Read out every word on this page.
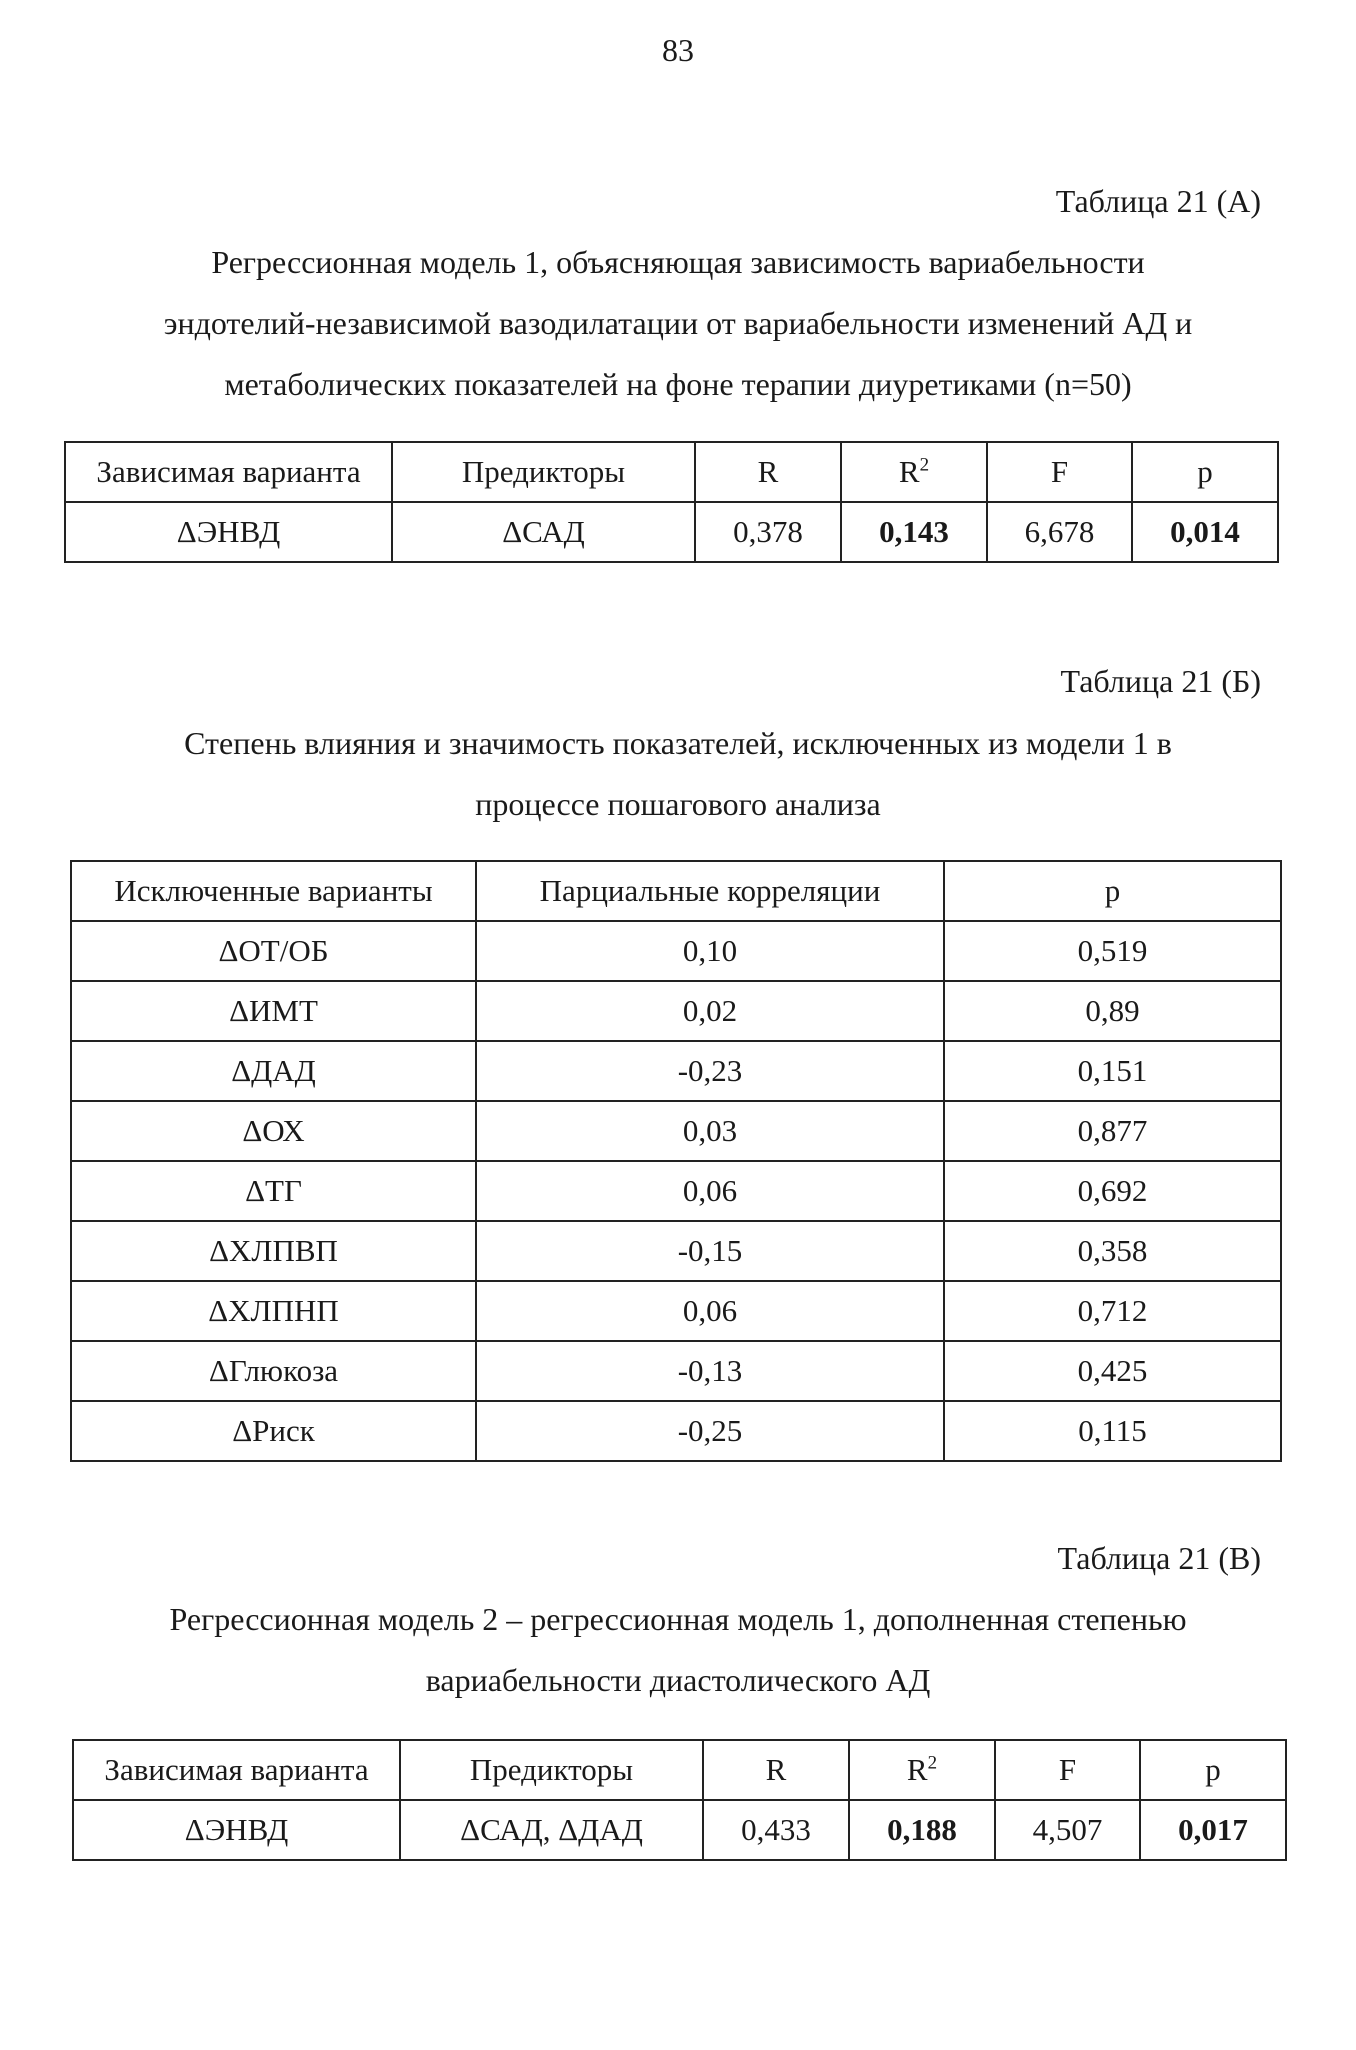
83
Таблица 21 (А)
Регрессионная модель 1, объясняющая зависимость вариабельности
эндотелий-независимой вазодилатации от вариабельности изменений АД и
метаболических показателей на фоне терапии диуретиками (n=50)
Зависимая варианта	Предикторы	R	$R^2$	F	p
ΔЭНВД	ΔСАД	0,378	0,143	6,678	0,014
Таблица 21 (Б)
Степень влияния и значимость показателей, исключенных из модели 1 в
процессе пошагового анализа
Исключенные варианты	Парциальные корреляции	p
ΔОТ/ОБ	0,10	0,519
ΔИМТ	0,02	0,89
ΔДАД	-0,23	0,151
ΔОХ	0,03	0,877
ΔТГ	0,06	0,692
ΔХЛПВП	-0,15	0,358
ΔХЛПНП	0,06	0,712
ΔГлюкоза	-0,13	0,425
ΔРиск	-0,25	0,115
Таблица 21 (В)
Регрессионная модель 2 – регрессионная модель 1, дополненная степенью
вариабельности диастолического АД
Зависимая варианта	Предикторы	R	$R^2$	F	p
ΔЭНВД	ΔСАД, ΔДАД	0,433	0,188	4,507	0,017
